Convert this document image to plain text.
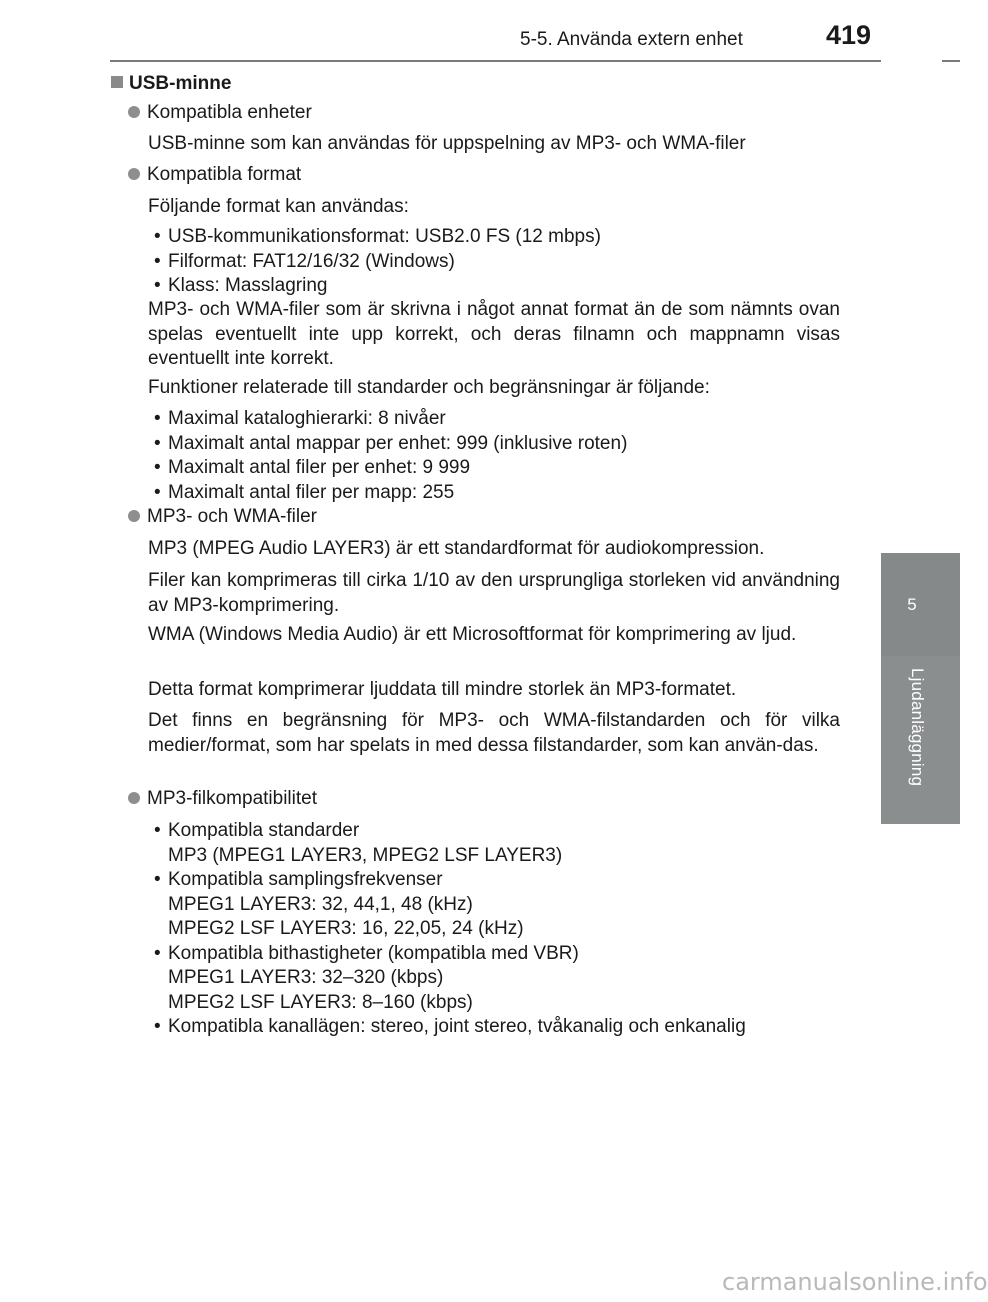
5-5. Använda extern enhet	419
5
Ljudanläggning
USB-minne
Kompatibla enheter
USB-minne som kan användas för uppspelning av MP3- och WMA-filer
Kompatibla format
Följande format kan användas:
• USB-kommunikationsformat: USB2.0 FS (12 mbps)
• Filformat: FAT12/16/32 (Windows)
• Klass: Masslagring
MP3- och WMA-filer som är skrivna i något annat format än de som nämnts ovan spelas eventuellt inte upp korrekt, och deras filnamn och mappnamn visas eventuellt inte korrekt.
Funktioner relaterade till standarder och begränsningar är följande:
• Maximal kataloghierarki: 8 nivåer
• Maximalt antal mappar per enhet: 999 (inklusive roten)
• Maximalt antal filer per enhet: 9 999
• Maximalt antal filer per mapp: 255
MP3- och WMA-filer
MP3 (MPEG Audio LAYER3) är ett standardformat för audiokompression.
Filer kan komprimeras till cirka 1/10 av den ursprungliga storleken vid användning av MP3-komprimering.
WMA (Windows Media Audio) är ett Microsoftformat för komprimering av ljud.
Detta format komprimerar ljuddata till mindre storlek än MP3-formatet.
Det finns en begränsning för MP3- och WMA-filstandarden och för vilka medier/format, som har spelats in med dessa filstandarder, som kan använ-das.
MP3-filkompatibilitet
• Kompatibla standarder
MP3 (MPEG1 LAYER3, MPEG2 LSF LAYER3)
• Kompatibla samplingsfrekvenser
MPEG1 LAYER3: 32, 44,1, 48 (kHz)
MPEG2 LSF LAYER3: 16, 22,05, 24 (kHz)
• Kompatibla bithastigheter (kompatibla med VBR)
MPEG1 LAYER3: 32–320 (kbps)
MPEG2 LSF LAYER3: 8–160 (kbps)
• Kompatibla kanallägen: stereo, joint stereo, tvåkanalig och enkanalig
carmanualsonline.info
